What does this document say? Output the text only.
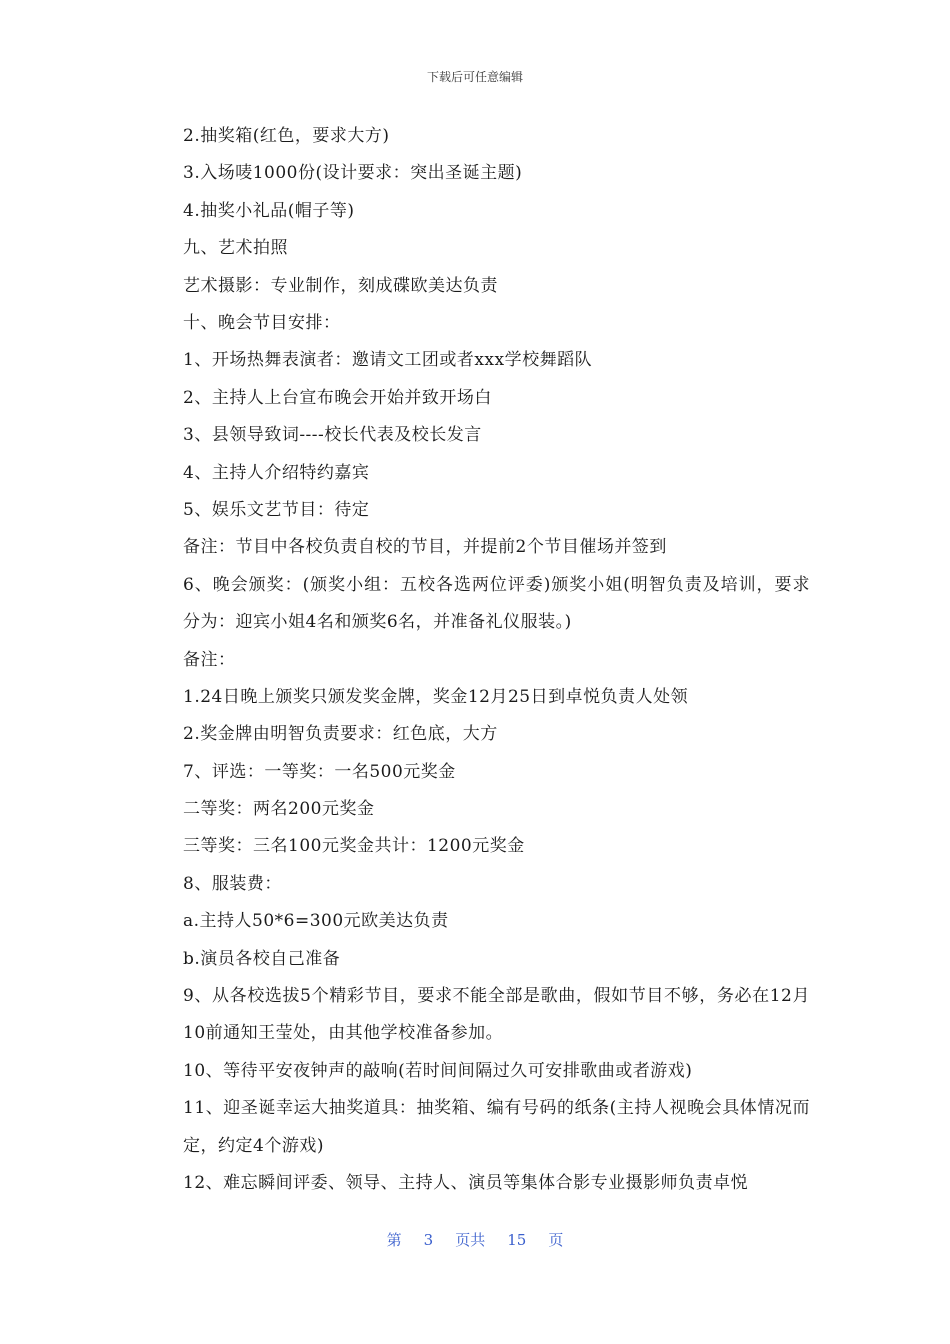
下载后可任意编辑
2.抽奖箱(红色，要求大方)
3.入场唛1000份(设计要求：突出圣诞主题)
4.抽奖小礼品(帽子等)
九、艺术拍照
艺术摄影：专业制作，刻成碟欧美达负责
十、晚会节目安排：
1、开场热舞表演者：邀请文工团或者xxx学校舞蹈队
2、主持人上台宣布晚会开始并致开场白
3、县领导致词----校长代表及校长发言
4、主持人介绍特约嘉宾
5、娱乐文艺节目：待定
备注：节目中各校负责自校的节目，并提前2个节目催场并签到
6、晚会颁奖：(颁奖小组：五校各选两位评委)颁奖小姐(明智负责及培训，要求分为：迎宾小姐4名和颁奖6名，并准备礼仪服装。)
备注：
1.24日晚上颁奖只颁发奖金牌，奖金12月25日到卓悦负责人处领
2.奖金牌由明智负责要求：红色底，大方
7、评选：一等奖：一名500元奖金
二等奖：两名200元奖金
三等奖：三名100元奖金共计：1200元奖金
8、服装费：
a.主持人50*6=300元欧美达负责
b.演员各校自己准备
9、从各校选拔5个精彩节目，要求不能全部是歌曲，假如节目不够，务必在12月10前通知王莹处，由其他学校准备参加。
10、等待平安夜钟声的敲响(若时间间隔过久可安排歌曲或者游戏)
11、迎圣诞幸运大抽奖道具：抽奖箱、编有号码的纸条(主持人视晚会具体情况而定，约定4个游戏)
12、难忘瞬间评委、领导、主持人、演员等集体合影专业摄影师负责卓悦
第 3 页共 15 页
